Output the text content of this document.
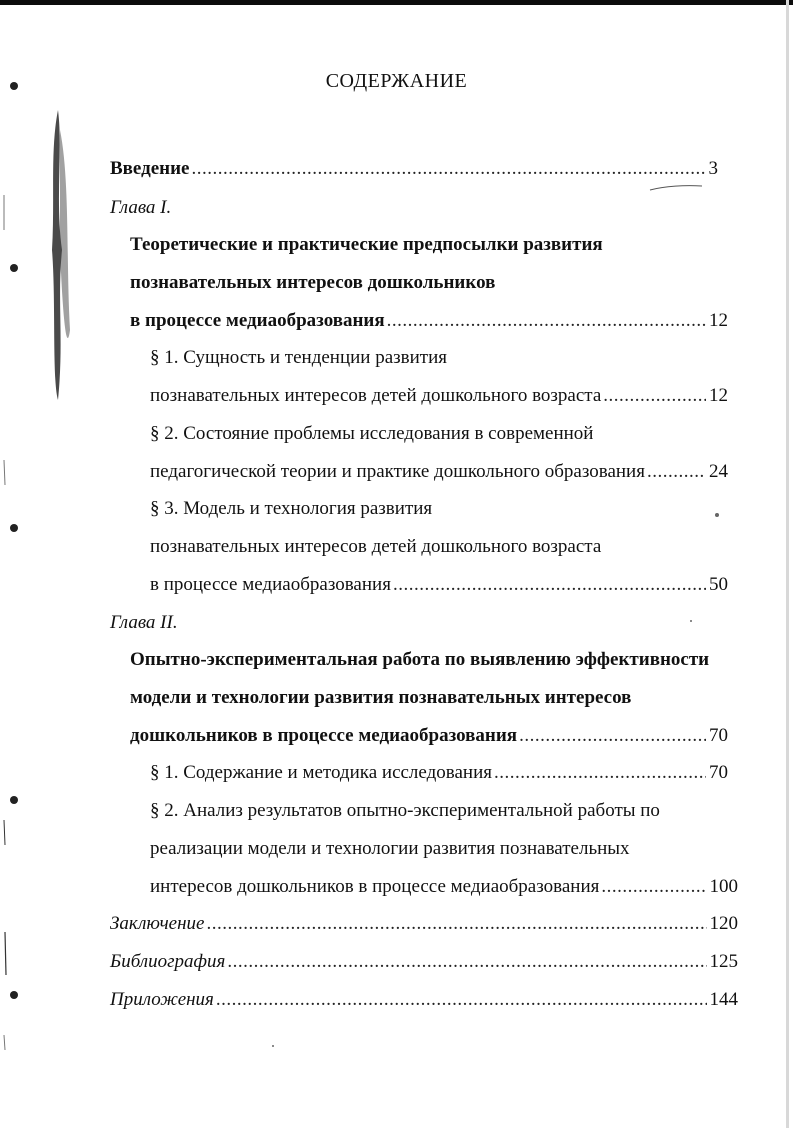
СОДЕРЖАНИЕ
Введение .....	3
Глава I.
Теоретические и практические предпосылки развития
познавательных интересов дошкольников
в процессе медиаобразования .....	12
§ 1. Сущность и тенденции развития
познавательных интересов детей дошкольного возраста .....	12
§ 2. Состояние проблемы исследования в современной
педагогической теории и практике дошкольного образования .....	24
§ 3. Модель и технология развития
познавательных интересов детей дошкольного возраста
в процессе медиаобразования .....	50
Глава II.
Опытно-экспериментальная работа по выявлению эффективности
модели и технологии развития познавательных интересов
дошкольников в процессе медиаобразования .....	70
§ 1. Содержание и методика исследования .....	70
§ 2. Анализ результатов опытно-экспериментальной работы по
реализации модели и технологии развития познавательных
интересов дошкольников в процессе медиаобразования .....	100
Заключение .....	120
Библиография .....	125
Приложения .....	144
